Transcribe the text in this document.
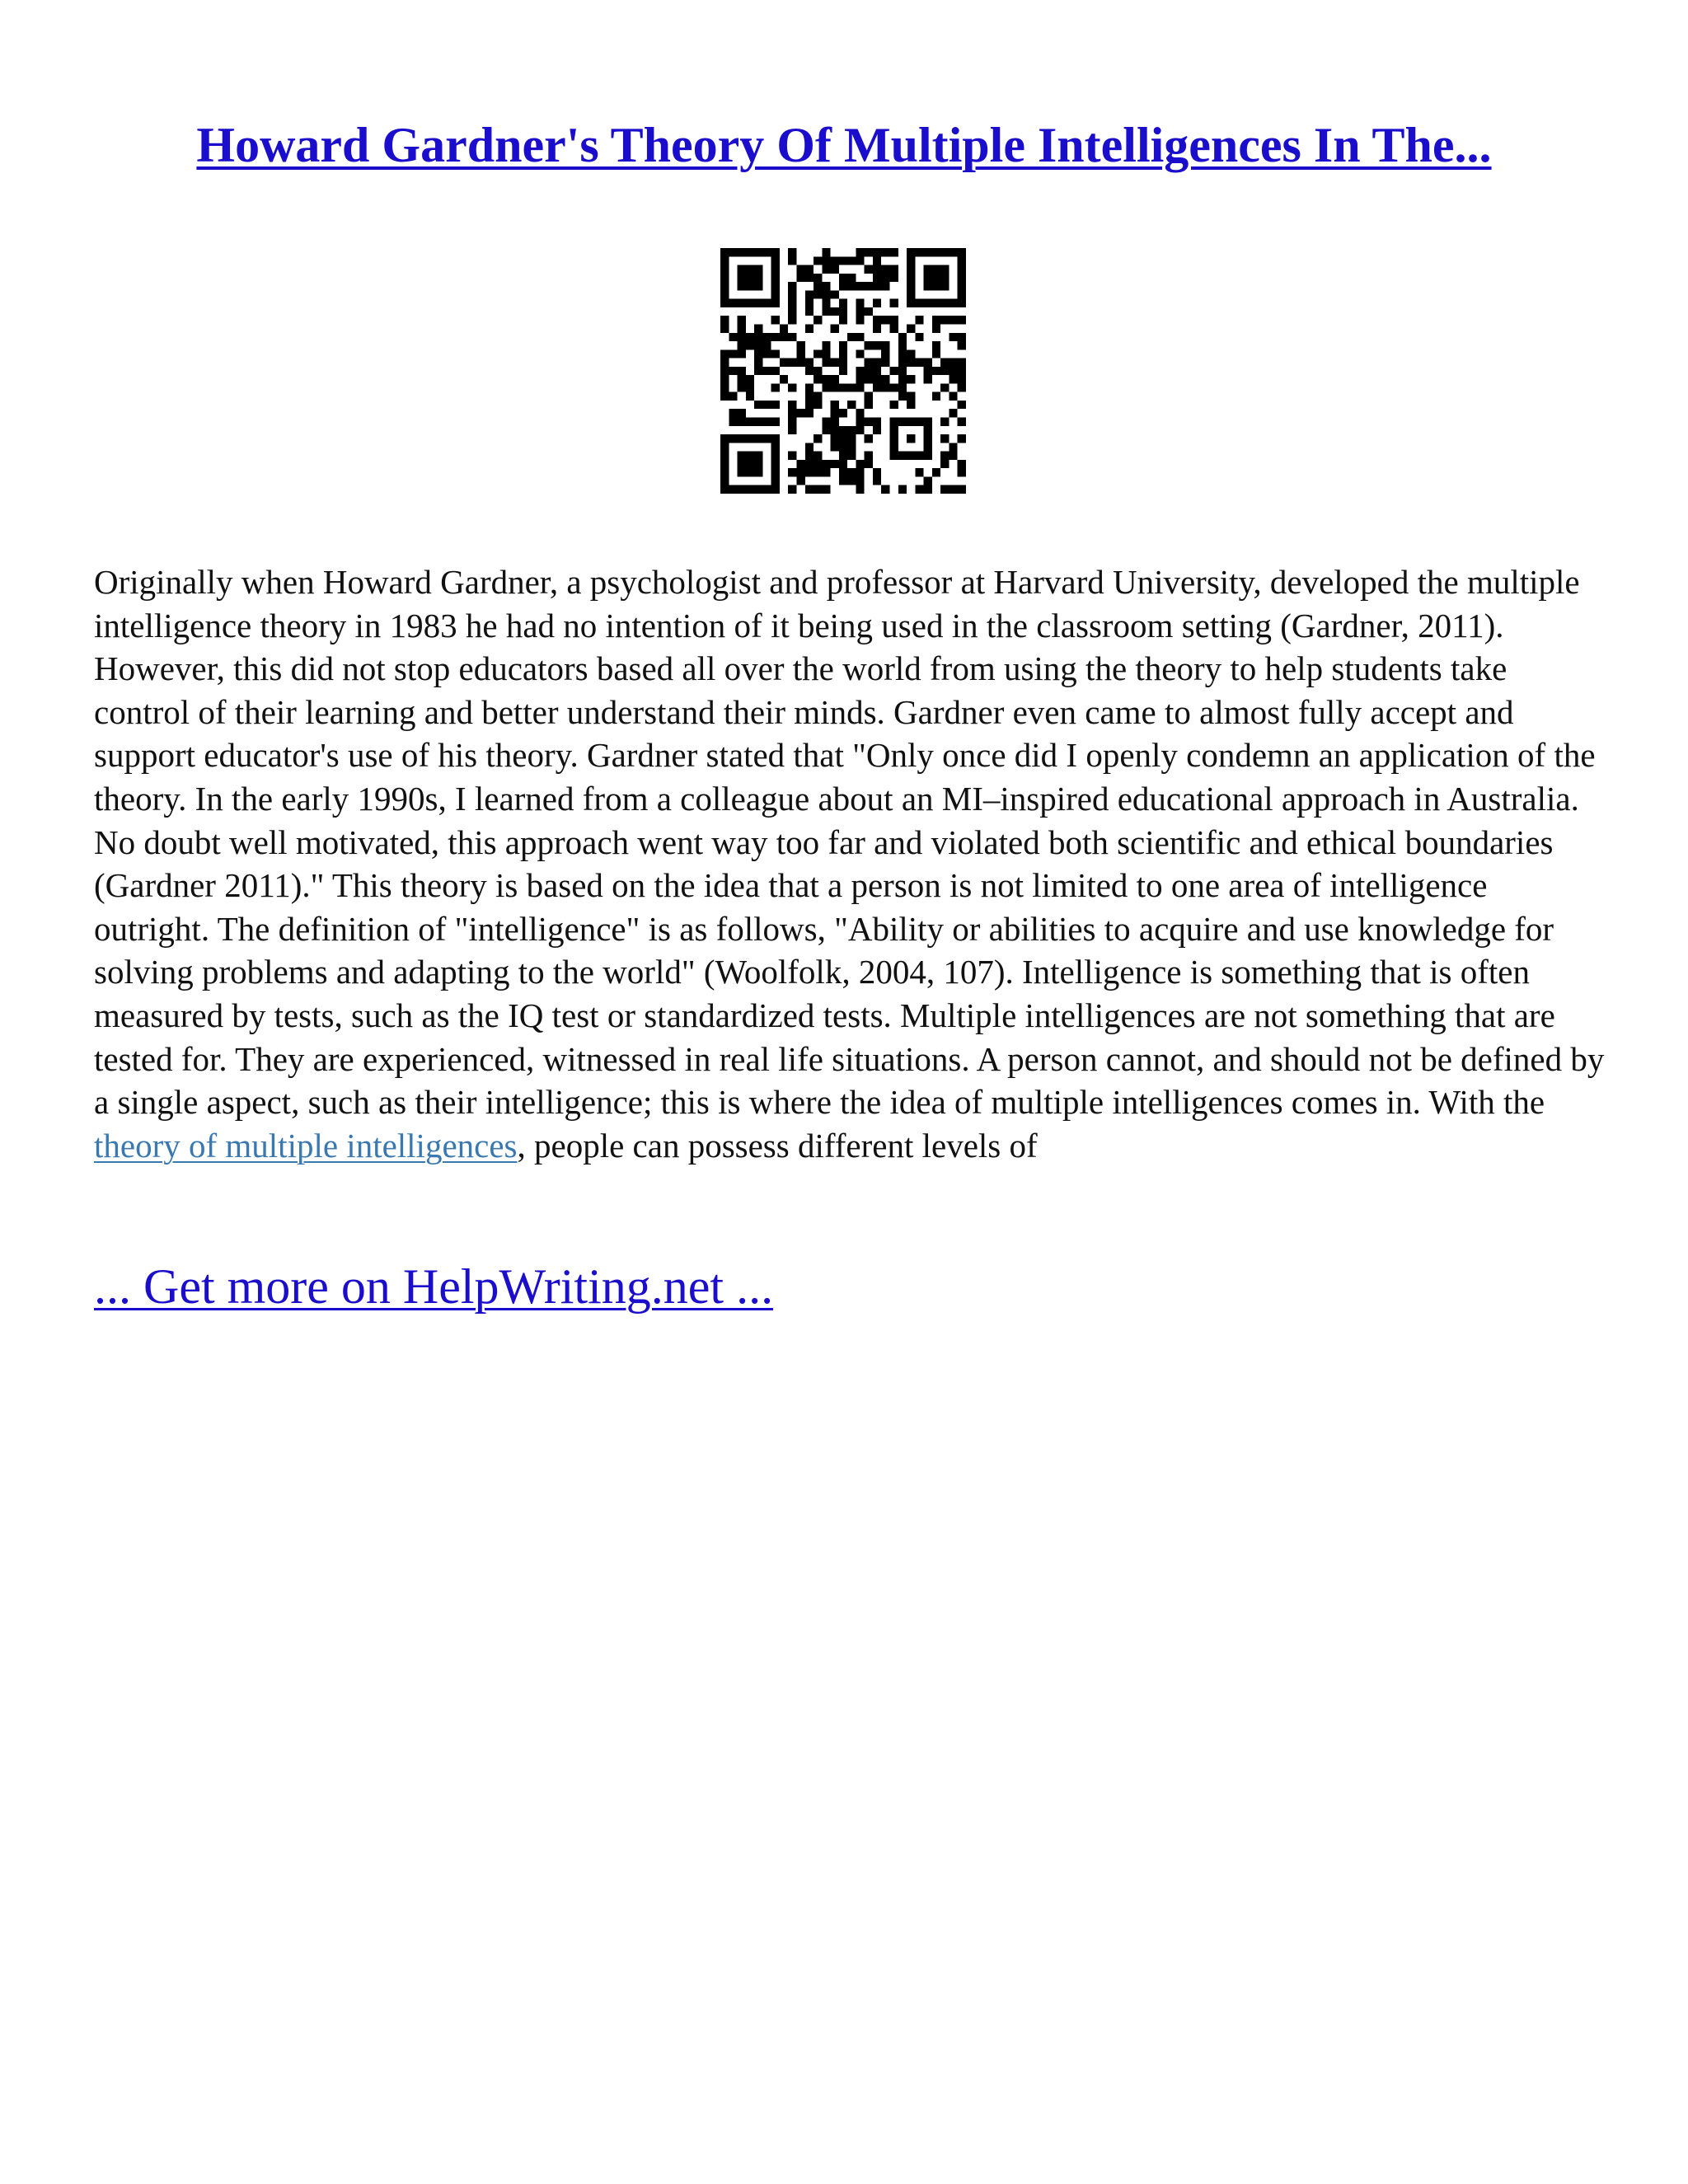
Howard Gardner's Theory Of Multiple Intelligences In The...

Originally when Howard Gardner, a psychologist and professor at Harvard University, developed the multiple intelligence theory in 1983 he had no intention of it being used in the classroom setting (Gardner, 2011). However, this did not stop educators based all over the world from using the theory to help students take control of their learning and better understand their minds. Gardner even came to almost fully accept and support educator's use of his theory. Gardner stated that "Only once did I openly condemn an application of the theory. In the early 1990s, I learned from a colleague about an MI–inspired educational approach in Australia. No doubt well motivated, this approach went way too far and violated both scientific and ethical boundaries (Gardner 2011)." This theory is based on the idea that a person is not limited to one area of intelligence outright. The definition of "intelligence" is as follows, "Ability or abilities to acquire and use knowledge for solving problems and adapting to the world" (Woolfolk, 2004, 107). Intelligence is something that is often measured by tests, such as the IQ test or standardized tests. Multiple intelligences are not something that are tested for. They are experienced, witnessed in real life situations. A person cannot, and should not be defined by a single aspect, such as their intelligence; this is where the idea of multiple intelligences comes in. With the theory of multiple intelligences, people can possess different levels of

... Get more on HelpWriting.net ...
